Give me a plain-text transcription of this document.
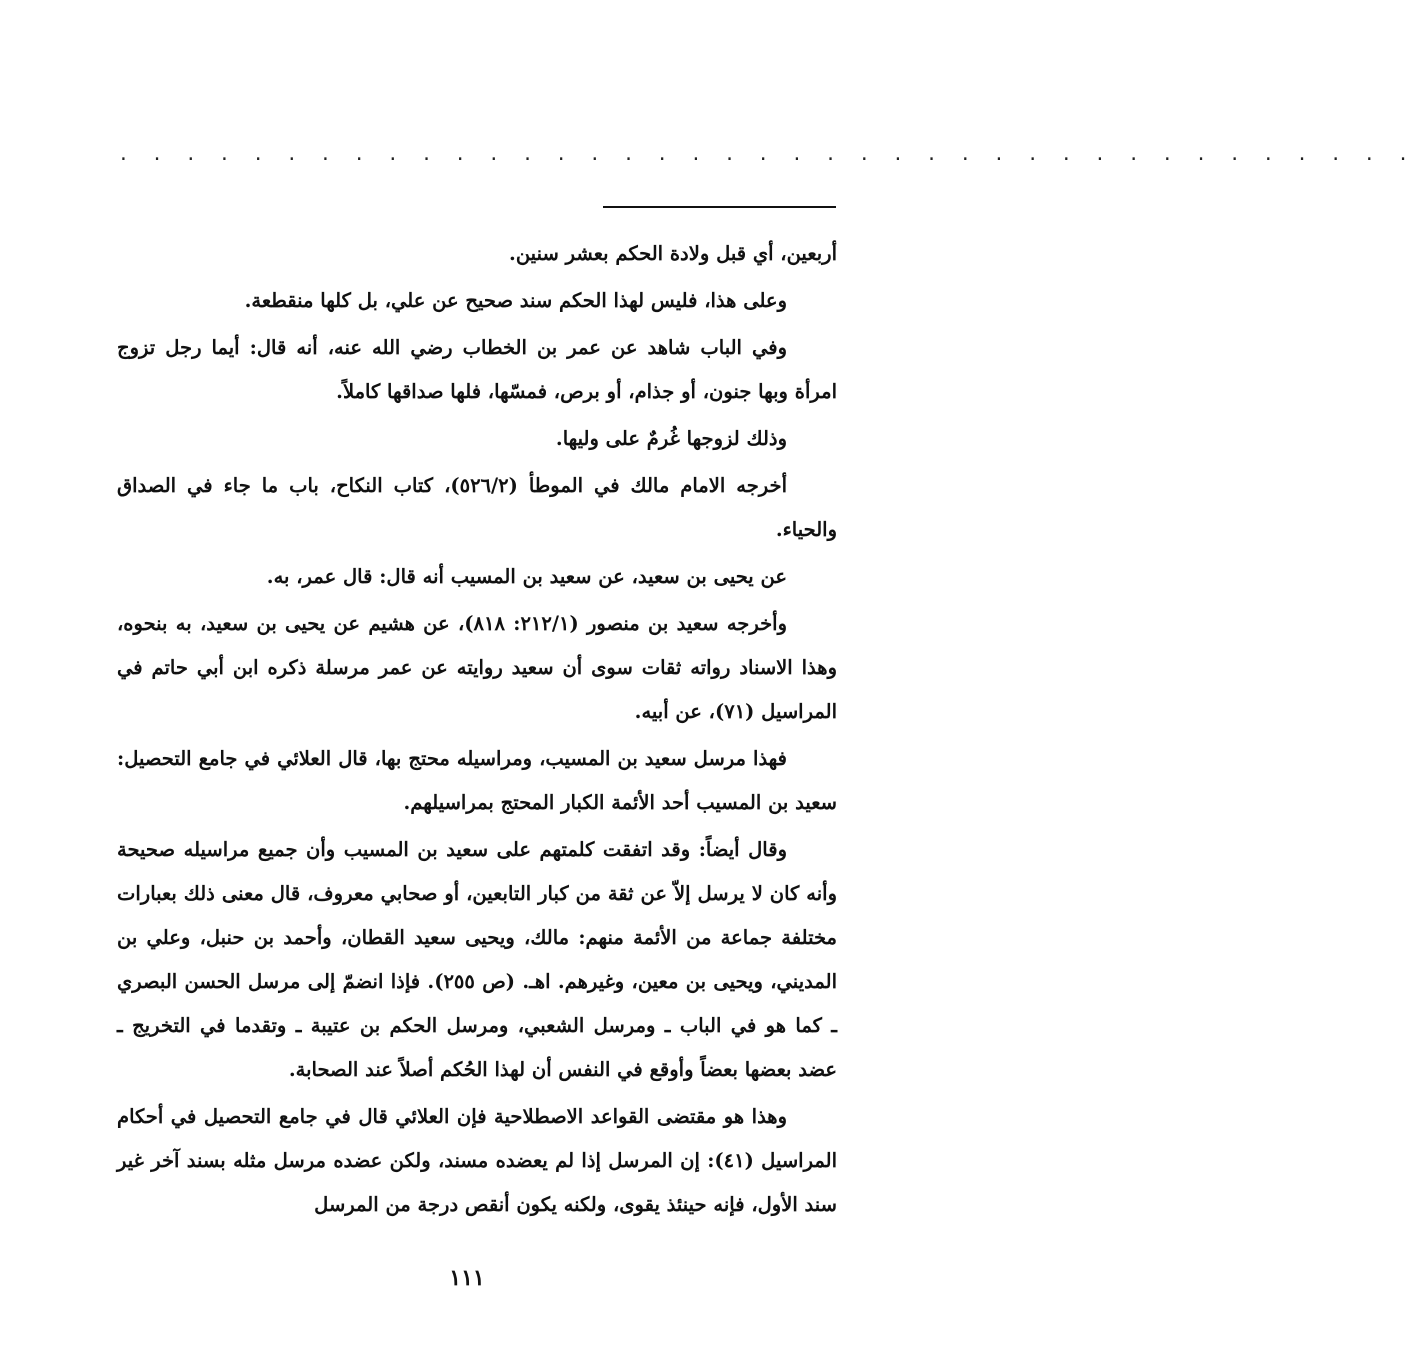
. . . . . . . . . . . . . . . . . . . . . . . . . . . . . . . . . . . . . . .

أربعين، أي قبل ولادة الحكم بعشر سنين.

وعلى هذا، فليس لهذا الحكم سند صحيح عن علي، بل كلها منقطعة.

وفي الباب شاهد عن عمر بن الخطاب رضي الله عنه، أنه قال: أيما رجل تزوج امرأة وبها جنون، أو جذام، أو برص، فمسّها، فلها صداقها كاملاً.

وذلك لزوجها غُرمٌ على وليها.

أخرجه الامام مالك في الموطأ (٥٢٦/٢)، كتاب النكاح، باب ما جاء في الصداق والحياء.

عن يحيى بن سعيد، عن سعيد بن المسيب أنه قال: قال عمر، به.

وأخرجه سعيد بن منصور (٢١٢/١: ٨١٨)، عن هشيم عن يحيى بن سعيد، به بنحوه، وهذا الاسناد رواته ثقات سوى أن سعيد روايته عن عمر مرسلة ذكره ابن أبي حاتم في المراسيل (٧١)، عن أبيه.

فهذا مرسل سعيد بن المسيب، ومراسيله محتج بها، قال العلائي في جامع التحصيل: سعيد بن المسيب أحد الأئمة الكبار المحتج بمراسيلهم.

وقال أيضاً: وقد اتفقت كلمتهم على سعيد بن المسيب وأن جميع مراسيله صحيحة وأنه كان لا يرسل إلاّ عن ثقة من كبار التابعين، أو صحابي معروف، قال معنى ذلك بعبارات مختلفة جماعة من الأئمة منهم: مالك، ويحيى سعيد القطان، وأحمد بن حنبل، وعلي بن المديني، ويحيى بن معين، وغيرهم. اهـ. (ص ٢٥٥). فإذا انضمّ إلى مرسل الحسن البصري ـ كما هو في الباب ـ ومرسل الشعبي، ومرسل الحكم بن عتيبة ـ وتقدما في التخريج ـ عضد بعضها بعضاً وأوقع في النفس أن لهذا الحُكم أصلاً عند الصحابة.

وهذا هو مقتضى القواعد الاصطلاحية فإن العلائي قال في جامع التحصيل في أحكام المراسيل (٤١): إن المرسل إذا لم يعضده مسند، ولكن عضده مرسل مثله بسند آخر غير سند الأول، فإنه حينئذ يقوى، ولكنه يكون أنقص درجة من المرسل

١١١
